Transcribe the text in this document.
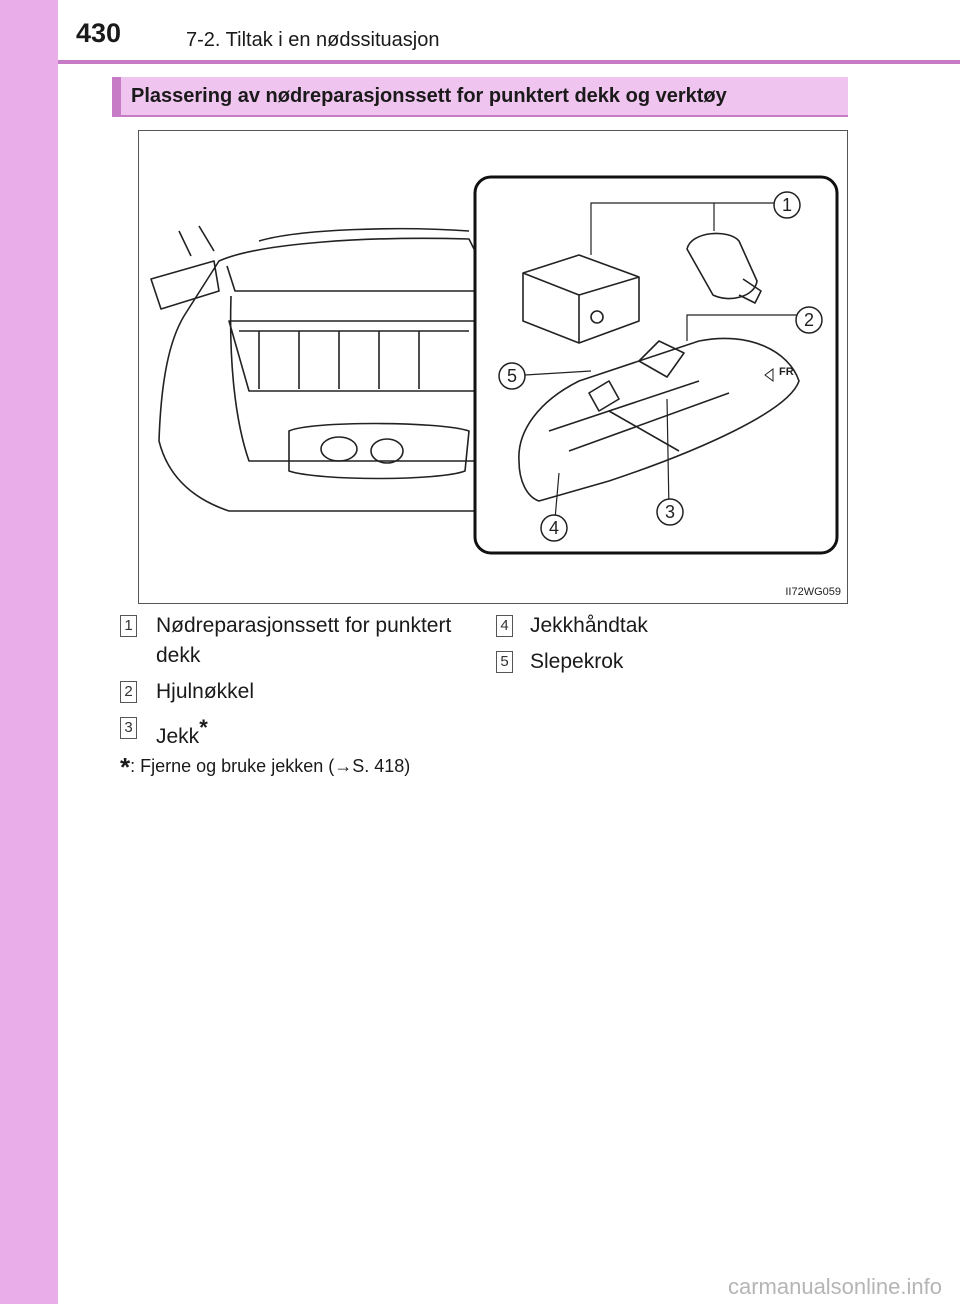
430	7-2. Tiltak i en nødssituasjon
Plassering av nødreparasjonssett for punktert dekk og verktøy
1
2
3
4
5	FR
II72WG059
1 Nødreparasjonssett for punktert
dekk
2 Hjulnøkkel
3 Jekk*
4 Jekkhåndtak
5 Slepekrok
*: Fjerne og bruke jekken (→S. 418)
carmanualsonline.info
